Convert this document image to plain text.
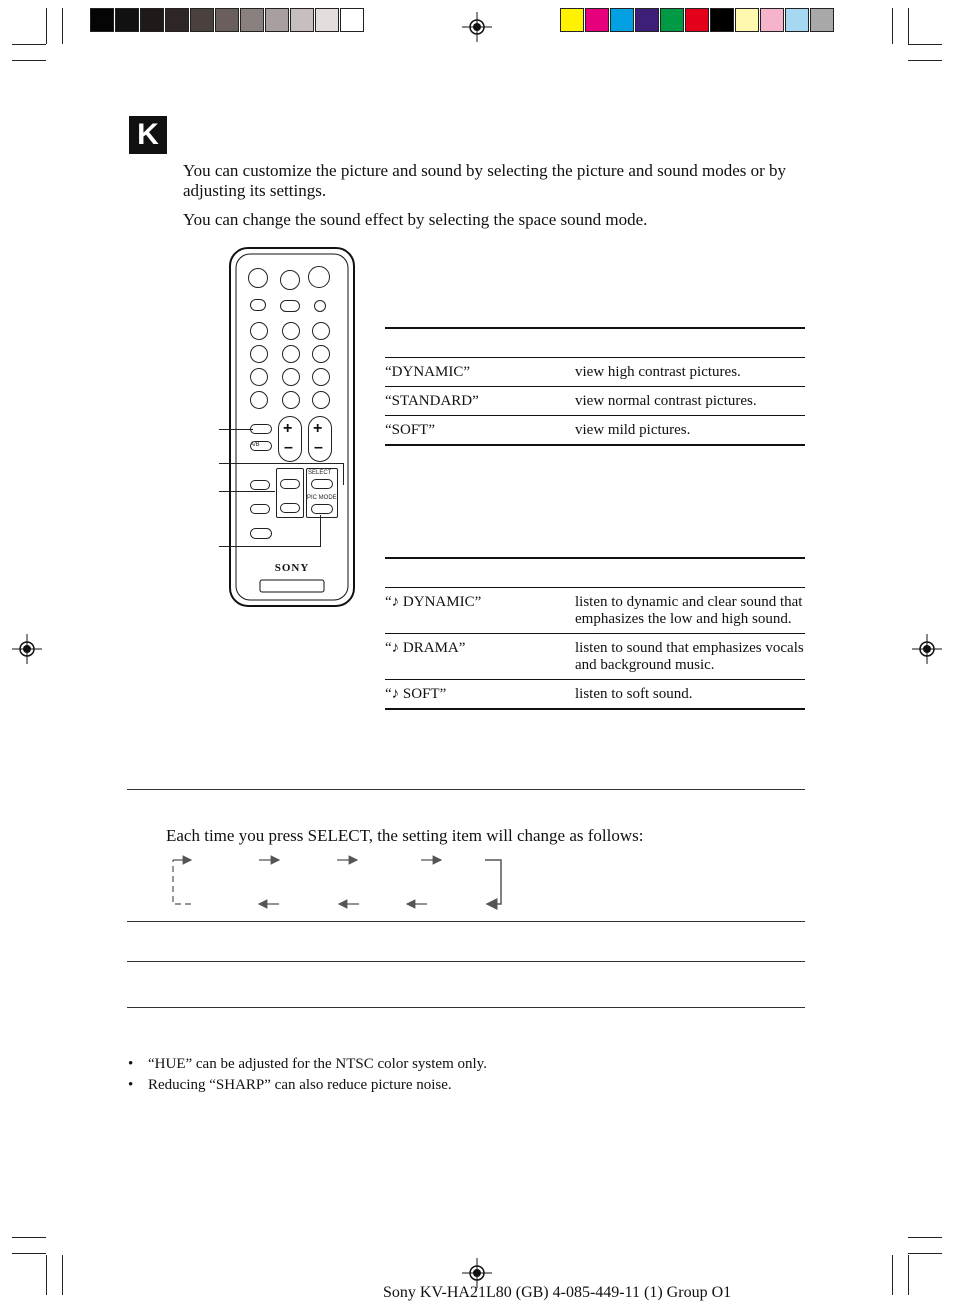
K
You can customize the picture and sound by selecting the picture and sound modes or by adjusting its settings.
You can change the sound effect by selecting the space sound mode.
A/B
+
–
+
–
SELECT
PIC MODE
SONY
“DYNAMIC”	view high contrast pictures.
“STANDARD”	view normal contrast pictures.
“SOFT”	view mild pictures.
“♪ DYNAMIC”	listen to dynamic and clear sound that emphasizes the low and high sound.
“♪ DRAMA”	listen to sound that emphasizes vocals and background music.
“♪ SOFT”	listen to soft sound.
Each time you press SELECT, the setting item will change as follows:
• “HUE” can be adjusted for the NTSC color system only.
• Reducing “SHARP” can also reduce picture noise.
Sony KV-HA21L80 (GB) 4-085-449-11 (1) Group O1
